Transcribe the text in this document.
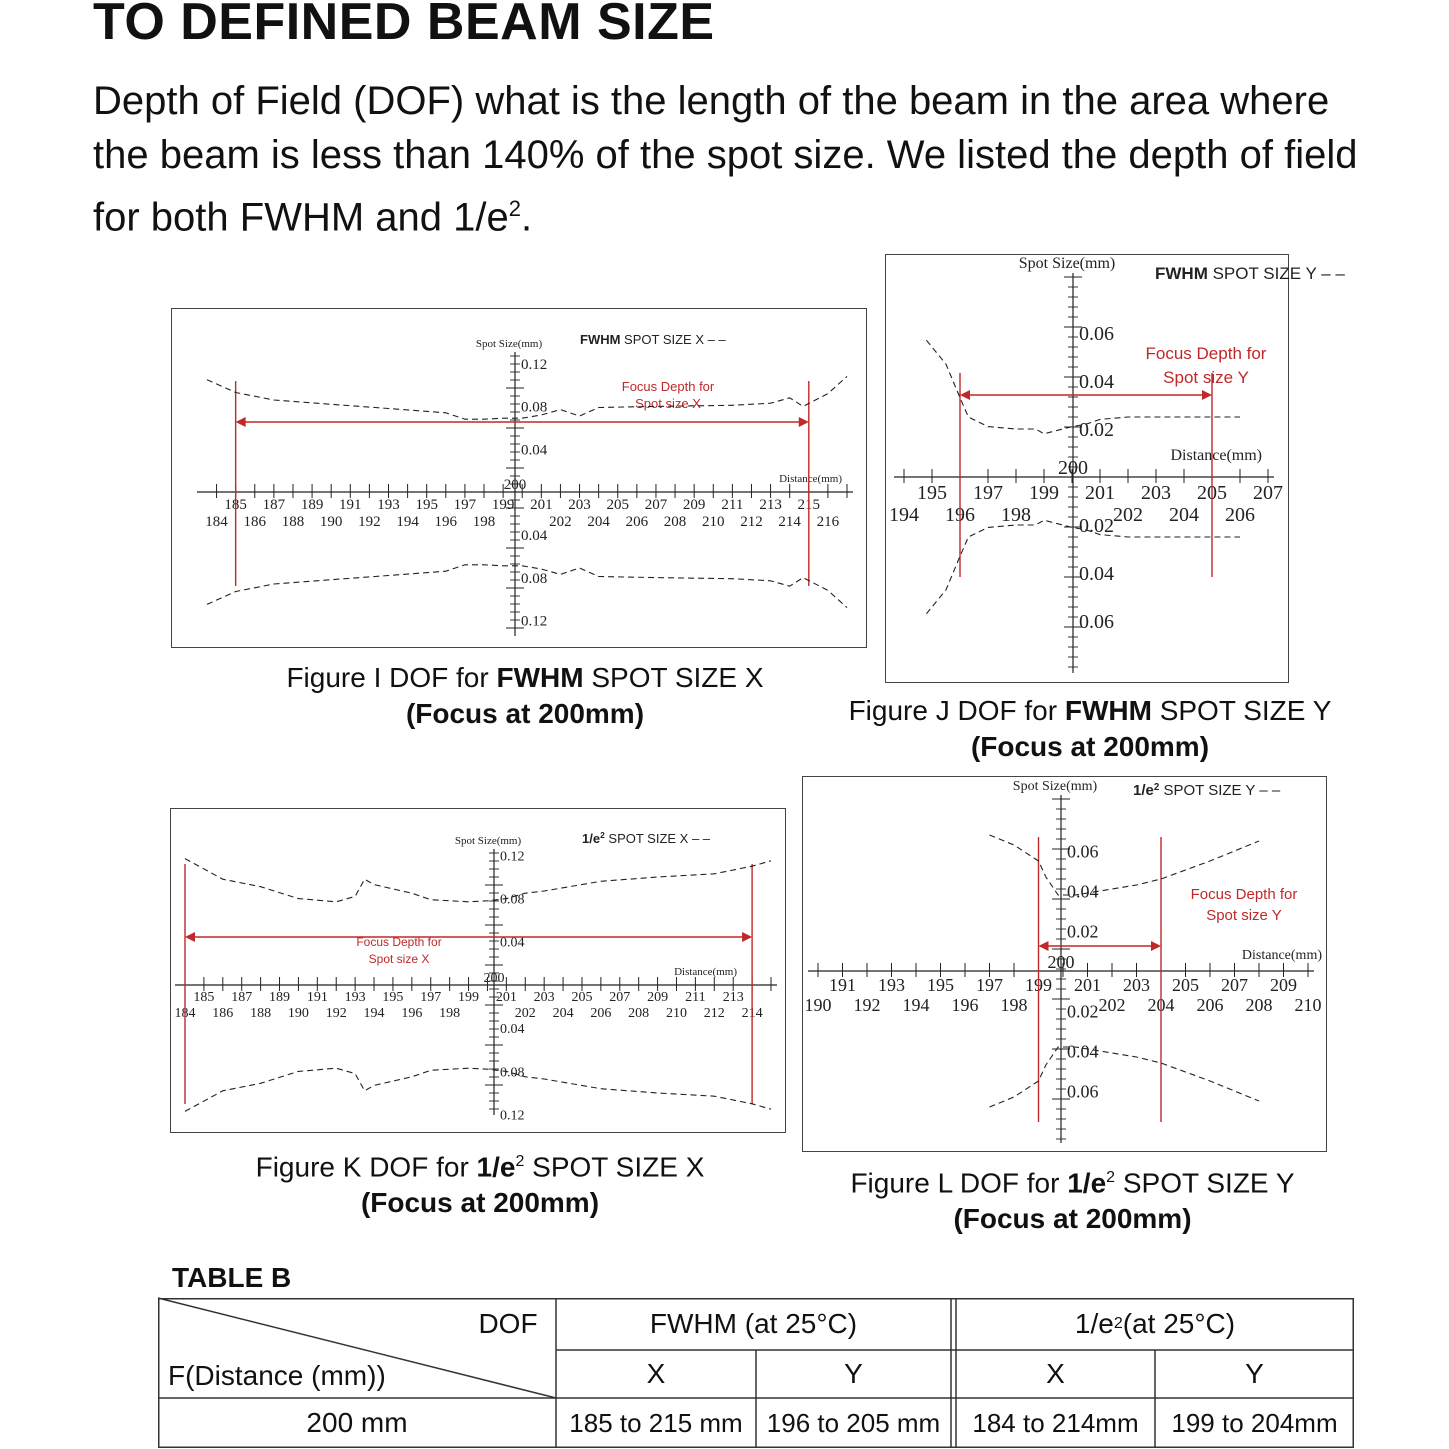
TO DEFINED BEAM SIZE
Depth of Field (DOF) what is the length of the beam in the area where the beam is less than 140% of the spot size. We listed the depth of field for both FWHM and $1/e^2$.
185 187 189 191 193 195 197 199 201 203 205 207 209 211 213 215
184 186 188 190 192 194 196 198	202 204 206 208 210 212 214 216
200
0.04
0.04
0.08
0.08
0.12
0.12
Spot Size(mm)
Distance(mm)
FWHM SPOT SIZE X – –
Focus Depth for
Spot size X
Figure I DOF for FWHM SPOT SIZE X
(Focus at 200mm)
195 197 199 201 203 205 207
194 196 198	202 204 206
200
0.02
0.02
0.04
0.04
0.06
0.06
Spot Size(mm)
Distance(mm)
FWHM SPOT SIZE Y – –
Focus Depth for
Spot size Y
Figure J DOF for FWHM SPOT SIZE Y
(Focus at 200mm)
185 187 189 191 193 195 197 199 201 203 205 207 209 211 213
184 186 188 190 192 194 196 198	202 204 206 208 210 212 214
200
0.04
0.04
0.08
0.08
0.12
0.12
Spot Size(mm)
Distance(mm)
$1/e^2$ SPOT SIZE X – –
Focus Depth for
Spot size X
Figure K DOF for $1/e^2$ SPOT SIZE X
(Focus at 200mm)
191 193 195 197 199 201 203 205 207 209
190 192 194 196 198	202 204 206 208 210
200
0.02
0.02
0.04
0.04
0.06
0.06
Spot Size(mm)
Distance(mm)
$1/e^2$ SPOT SIZE Y – –
Focus Depth for
Spot size Y
Figure L DOF for $1/e^2$ SPOT SIZE Y
(Focus at 200mm)
TABLE B
DOF
F(Distance (mm))
FWHM (at 25°C)	1/e 2 (at 25°C)
X	Y	X	Y
200 mm	185 to 215 mm 196 to 205 mm	184 to 214mm	199 to 204mm
